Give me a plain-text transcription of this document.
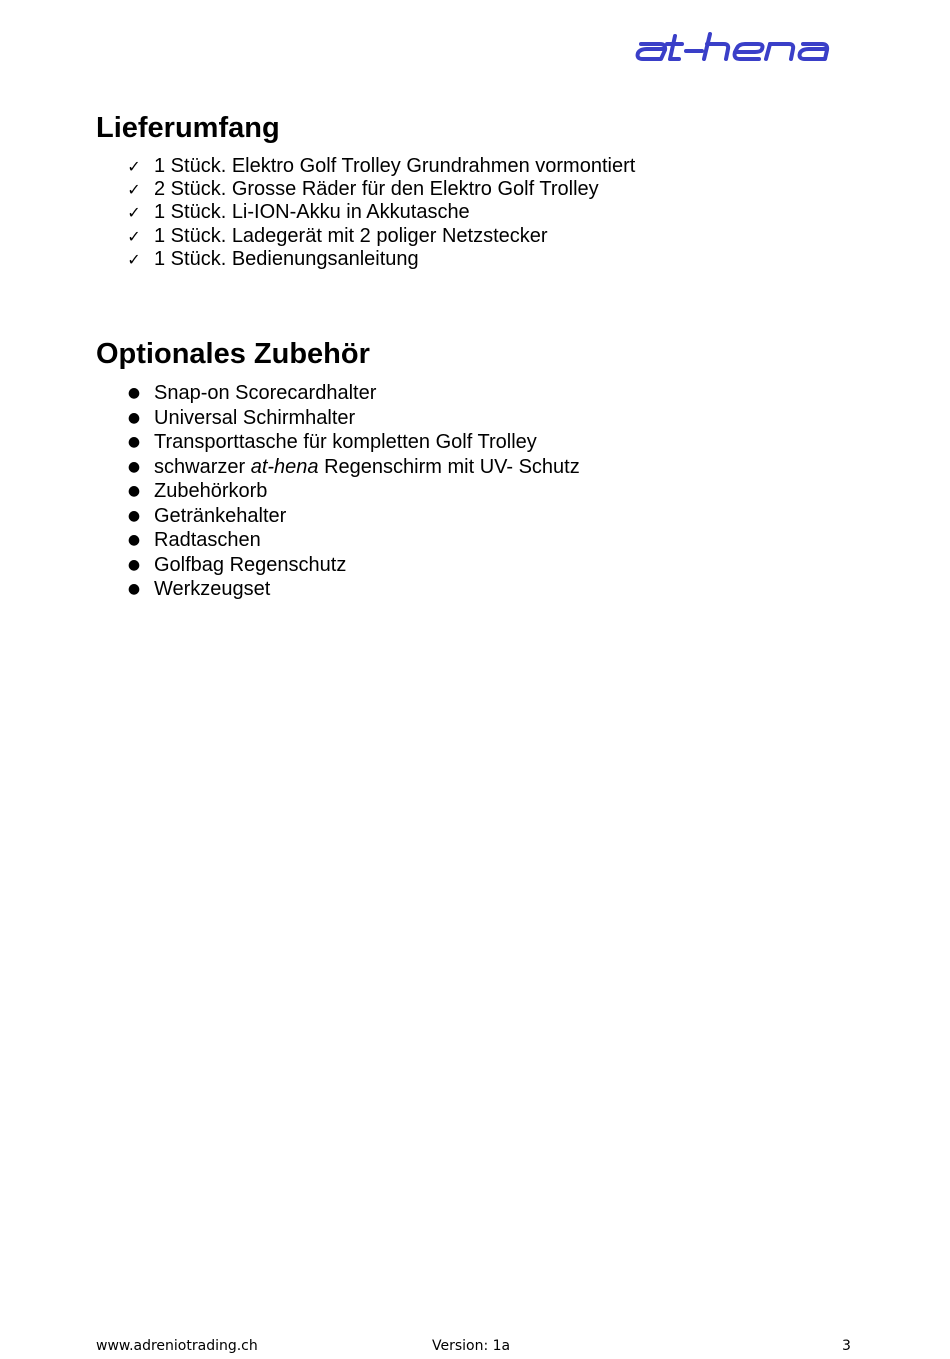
Lieferumfang
✓ 1 Stück. Elektro Golf Trolley Grundrahmen vormontiert
✓ 2 Stück. Grosse Räder für den Elektro Golf Trolley
✓ 1 Stück. Li-ION-Akku in Akkutasche
✓ 1 Stück. Ladegerät mit 2 poliger Netzstecker
✓ 1 Stück. Bedienungsanleitung
Optionales Zubehör
● Snap-on Scorecardhalter
● Universal Schirmhalter
● Transporttasche für kompletten Golf Trolley
● schwarzer at-hena Regenschirm mit UV- Schutz
● Zubehörkorb
● Getränkehalter
● Radtaschen
● Golfbag Regenschutz
● Werkzeugset
www.adreniotrading.ch	Version: 1a	3
